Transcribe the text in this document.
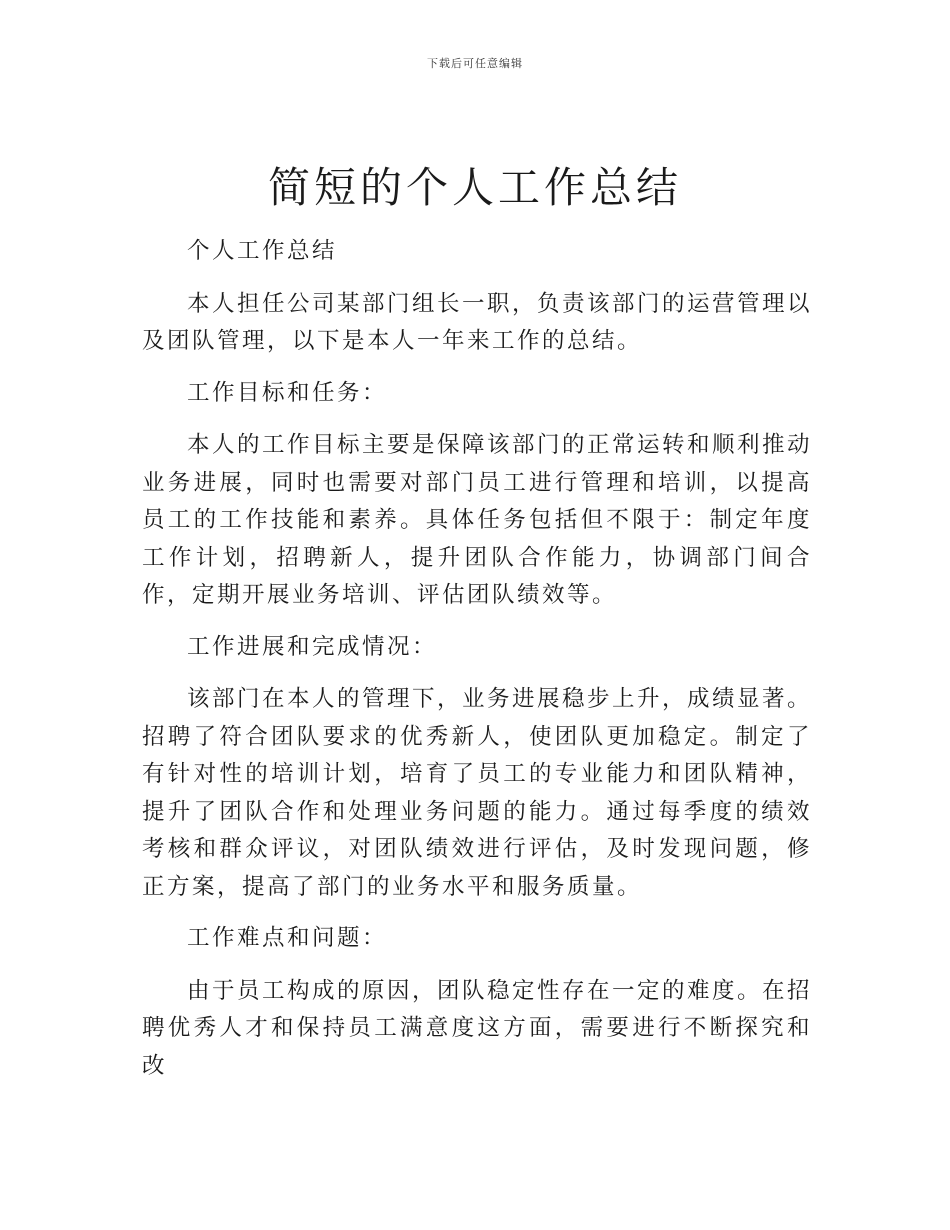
下载后可任意编辑
简短的个人工作总结

个人工作总结

本人担任公司某部门组长一职，负责该部门的运营管理以及团队管理，以下是本人一年来工作的总结。

工作目标和任务：

本人的工作目标主要是保障该部门的正常运转和顺利推动业务进展，同时也需要对部门员工进行管理和培训，以提高员工的工作技能和素养。具体任务包括但不限于：制定年度工作计划，招聘新人，提升团队合作能力，协调部门间合作，定期开展业务培训、评估团队绩效等。

工作进展和完成情况：

该部门在本人的管理下，业务进展稳步上升，成绩显著。招聘了符合团队要求的优秀新人，使团队更加稳定。制定了有针对性的培训计划，培育了员工的专业能力和团队精神，提升了团队合作和处理业务问题的能力。通过每季度的绩效考核和群众评议，对团队绩效进行评估，及时发现问题，修正方案，提高了部门的业务水平和服务质量。

工作难点和问题：

由于员工构成的原因，团队稳定性存在一定的难度。在招聘优秀人才和保持员工满意度这方面，需要进行不断探究和改
